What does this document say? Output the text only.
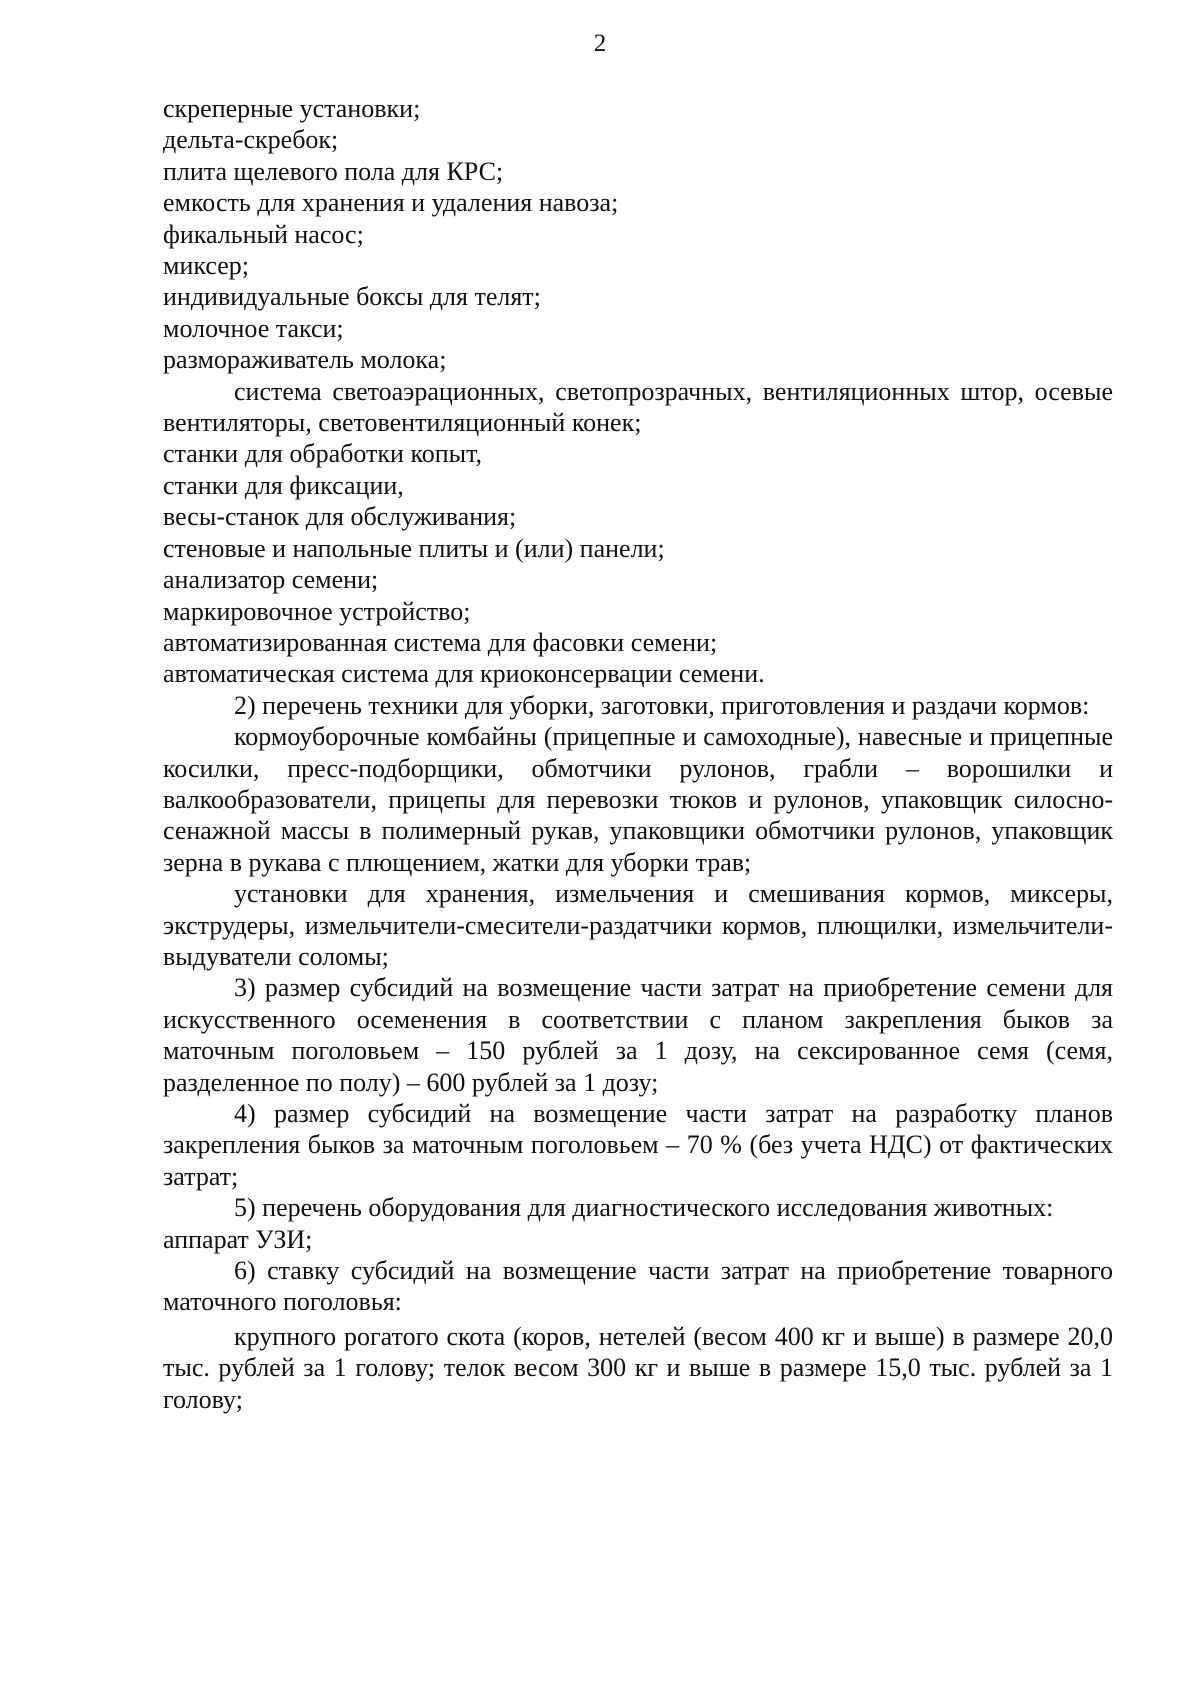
2

скреперные установки;

дельта-скребок;

плита щелевого пола для КРС;

емкость для хранения и удаления навоза;

фикальный насос;

миксер;

индивидуальные боксы для телят;

молочное такси;

размораживатель молока;

система светоаэрационных, светопрозрачных, вентиляционных штор, осевые вентиляторы, световентиляционный конек;

станки для обработки копыт,

станки для фиксации,

весы-станок для обслуживания;

стеновые и напольные плиты и (или) панели;

анализатор семени;

маркировочное устройство;

автоматизированная система для фасовки семени;

автоматическая система для криоконсервации семени.

2) перечень техники для уборки, заготовки, приготовления и раздачи кормов:

кормоуборочные комбайны (прицепные и самоходные), навесные и прицепные косилки, пресс-подборщики, обмотчики рулонов, грабли – ворошилки и валкообразователи, прицепы для перевозки тюков и рулонов, упаковщик силосно-сенажной массы в полимерный рукав, упаковщики обмотчики рулонов, упаковщик зерна в рукава с плющением, жатки для уборки трав;

установки для хранения, измельчения и смешивания кормов, миксеры, экструдеры, измельчители-смесители-раздатчики кормов, плющилки, измельчители-выдуватели соломы;

3) размер субсидий на возмещение части затрат на приобретение семени для искусственного осеменения в соответствии с планом закрепления быков за маточным поголовьем – 150 рублей за 1 дозу, на сексированное семя (семя, разделенное по полу) – 600 рублей за 1 дозу;

4) размер субсидий на возмещение части затрат на разработку планов закрепления быков за маточным поголовьем – 70 % (без учета НДС) от фактических затрат;

5) перечень оборудования для диагностического исследования животных:

аппарат УЗИ;

6) ставку субсидий на возмещение части затрат на приобретение товарного маточного поголовья:

крупного рогатого скота (коров, нетелей (весом 400 кг и выше) в размере 20,0 тыс. рублей за 1 голову; телок весом 300 кг и выше в размере 15,0 тыс. рублей за 1 голову;
